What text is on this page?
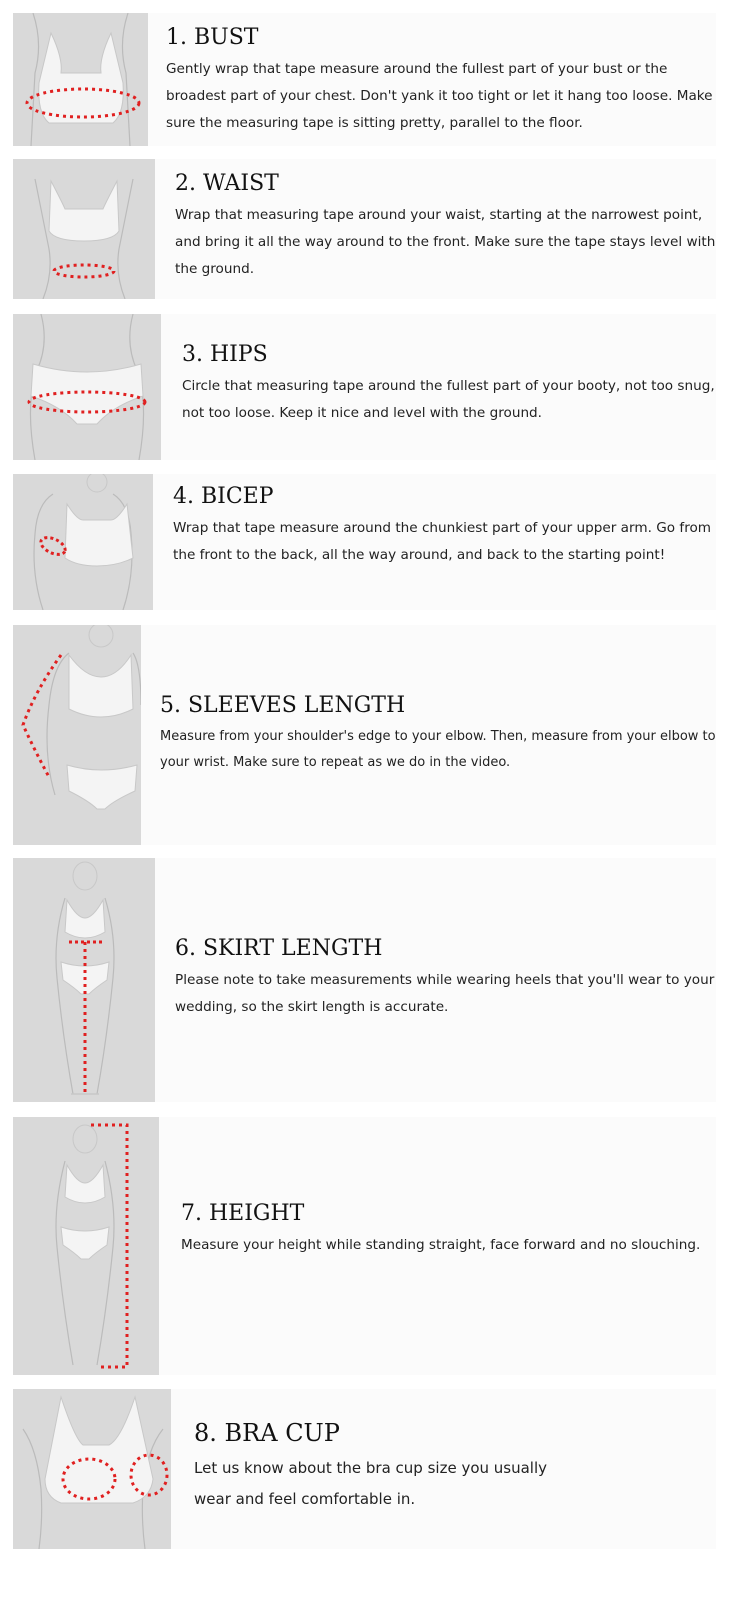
1. BUST

Gently wrap that tape measure around the fullest part of your bust or the broadest part of your chest. Don't yank it too tight or let it hang too loose. Make sure the measuring tape is sitting pretty, parallel to the floor.

2. WAIST

Wrap that measuring tape around your waist, starting at the narrowest point, and bring it all the way around to the front. Make sure the tape stays level with the ground.

3. HIPS

Circle that measuring tape around the fullest part of your booty, not too snug, not too loose. Keep it nice and level with the ground.

4. BICEP

Wrap that tape measure around the chunkiest part of your upper arm. Go from the front to the back, all the way around, and back to the starting point!

5. SLEEVES LENGTH

Measure from your shoulder's edge to your elbow. Then, measure from your elbow to your wrist. Make sure to repeat as we do in the video.

6. SKIRT LENGTH

Please note to take measurements while wearing heels that you'll wear to your wedding, so the skirt length is accurate.

7. HEIGHT

Measure your height while standing straight, face forward and no slouching.

8. BRA CUP

Let us know about the bra cup size you usually wear and feel comfortable in.
